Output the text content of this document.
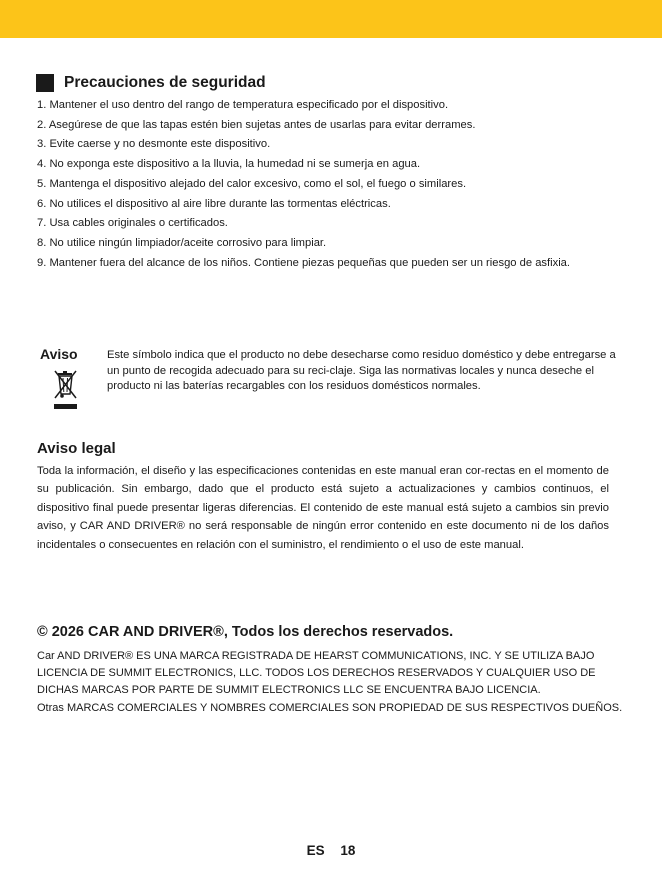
Precauciones de seguridad
1. Mantener el uso dentro del rango de temperatura especificado por el dispositivo.
2. Asegúrese de que las tapas estén bien sujetas antes de usarlas para evitar derrames.
3. Evite caerse y no desmonte este dispositivo.
4. No exponga este dispositivo a la lluvia, la humedad ni se sumerja en agua.
5. Mantenga el dispositivo alejado del calor excesivo, como el sol, el fuego o similares.
6. No utilices el dispositivo al aire libre durante las tormentas eléctricas.
7. Usa cables originales o certificados.
8. No utilice ningún limpiador/aceite corrosivo para limpiar.
9. Mantener fuera del alcance de los niños. Contiene piezas pequeñas que pueden ser un riesgo de asfixia.
Aviso	Este símbolo indica que el producto no debe desecharse como residuo doméstico y debe entregarse a un punto de recogida adecuado para su reci-claje. Siga las normativas locales y nunca deseche el producto ni las baterías recargables con los residuos domésticos normales.
Aviso legal
Toda la información, el diseño y las especificaciones contenidas en este manual eran cor-rectas en el momento de su publicación. Sin embargo, dado que el producto está sujeto a actualizaciones y cambios continuos, el dispositivo final puede presentar ligeras diferencias. El contenido de este manual está sujeto a cambios sin previo aviso, y CAR AND DRIVER® no será responsable de ningún error contenido en este documento ni de los daños incidentales o consecuentes en relación con el suministro, el rendimiento o el uso de este manual.
© 2026 CAR AND DRIVER®, Todos los derechos reservados.

Car AND DRIVER® ES UNA MARCA REGISTRADA DE HEARST COMMUNICATIONS, INC. Y SE UTILIZA BAJO LICENCIA DE SUMMIT ELECTRONICS, LLC. TODOS LOS DERECHOS RESERVADOS Y CUALQUIER USO DE DICHAS MARCAS POR PARTE DE SUMMIT ELECTRONICS LLC SE ENCUENTRA BAJO LICENCIA.

Otras MARCAS COMERCIALES Y NOMBRES COMERCIALES SON PROPIEDAD DE SUS RESPECTIVOS DUEÑOS.

ES 18
